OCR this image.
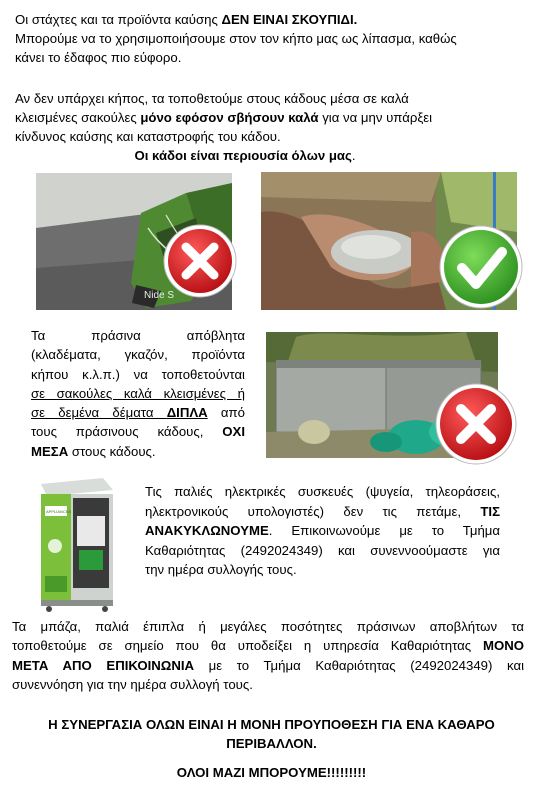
Οι στάχτες και τα προϊόντα καύσης ΔΕΝ ΕΙΝΑΙ ΣΚΟΥΠΙΔΙ.

Μπορούμε να το χρησιμοποιήσουμε στον τον κήπο μας ως λίπασμα, καθώς

κάνει το έδαφος πιο εύφορο.

Αν δεν υπάρχει κήπος, τα τοποθετούμε στους κάδους μέσα σε καλά

κλεισμένες σακούλες μόνο εφόσον σβήσουν καλά για να μην υπάρξει

κίνδυνος καύσης και καταστροφής του κάδου.

Οι κάδοι είναι περιουσία όλων μας.

Nide S

Τα πράσινα απόβλητα

(κλαδέματα, γκαζόν, προϊόντα

κήπου κ.λ.π.) να τοποθετούνται

σε σακούλες καλά κλεισμένες ή

σε δεμένα δέματα ΔΙΠΛΑ από

τους πράσινους κάδους, ΟΧΙ

ΜΕΣΑ στους κάδους.

APPLIANCES

Τις παλιές ηλεκτρικές συσκευές (ψυγεία, τηλεοράσεις,

ηλεκτρονικούς υπολογιστές) δεν τις πετάμε, ΤΙΣ

ΑΝΑΚΥΚΛΩΝΟΥΜΕ. Επικοινωνούμε με το Τμήμα

Καθαριότητας (2492024349) και συνεννοούμαστε για

την ημέρα συλλογής τους.

Τα μπάζα, παλιά έπιπλα ή μεγάλες ποσότητες πράσινων αποβλήτων τα

τοποθετούμε σε σημείο που θα υποδείξει η υπηρεσία Καθαριότητας ΜΟΝΟ

ΜΕΤΑ ΑΠΟ ΕΠΙΚΟΙΝΩΝΙΑ με το Τμήμα Καθαριότητας (2492024349) και

συνεννόηση για την ημέρα συλλογή τους.

Η ΣΥΝΕΡΓΑΣΙΑ ΟΛΩΝ ΕΙΝΑΙ Η ΜΟΝΗ ΠΡΟΥΠΟΘΕΣΗ ΓΙΑ ΕΝΑ ΚΑΘΑΡΟ

ΠΕΡΙΒΑΛΛΟΝ.

ΟΛΟΙ ΜΑΖΙ ΜΠΟΡΟΥΜΕ!!!!!!!!!
